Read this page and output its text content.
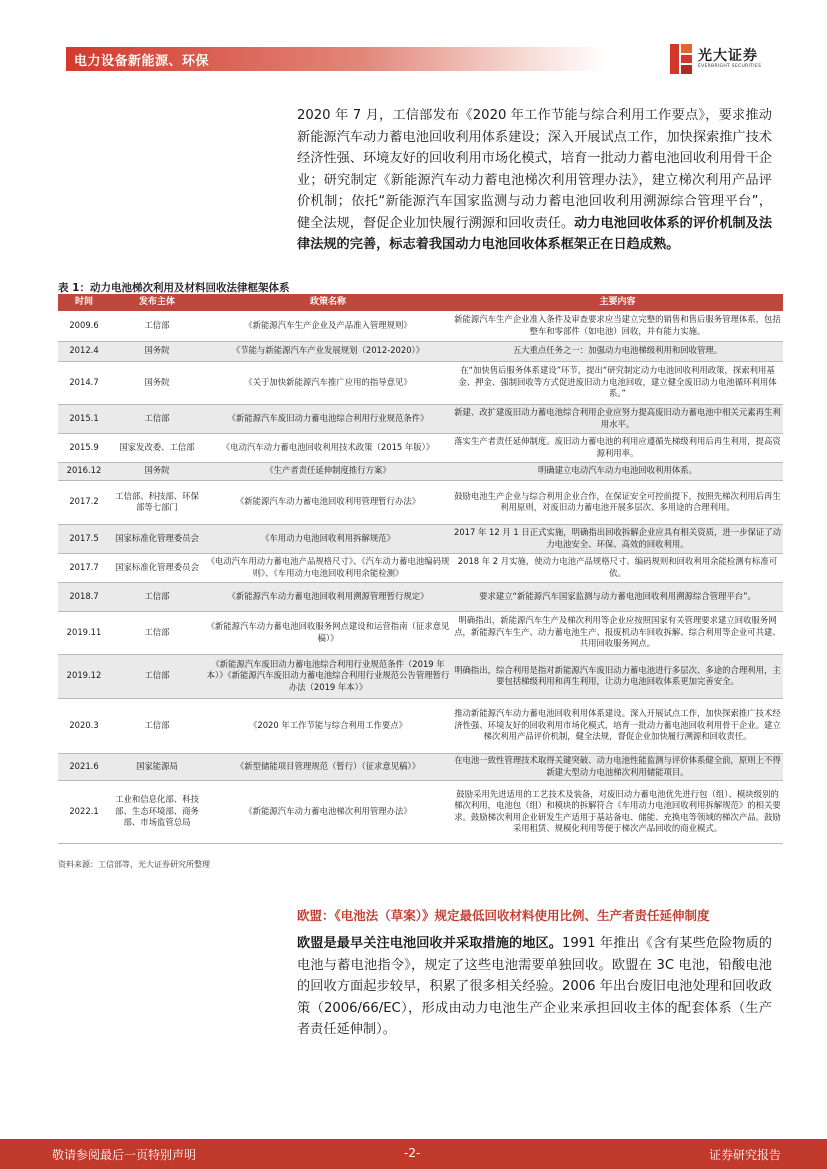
电力设备新能源、环保	光大证券
EVERBRIGHT SECURITIES
2020 年 7 月，工信部发布《2020 年工作节能与综合利用工作要点》，要求推动新能源汽车动力蓄电池回收利用体系建设；深入开展试点工作，加快探索推广技术经济性强、环境友好的回收利用市场化模式，培育一批动力蓄电池回收利用骨干企业；研究制定《新能源汽车动力蓄电池梯次利用管理办法》，建立梯次利用产品评价机制；依托“新能源汽车国家监测与动力蓄电池回收利用溯源综合管理平台”，健全法规，督促企业加快履行溯源和回收责任。动力电池回收体系的评价机制及法律法规的完善，标志着我国动力电池回收体系框架正在日趋成熟。
表 1：动力电池梯次利用及材料回收法律框架体系
时间	发布主体	政策名称	主要内容
2009.6	工信部	《新能源汽车生产企业及产品准入管理规则》	新能源汽车生产企业准入条件及审查要求应当建立完整的销售和售后服务管理体系，包括整车和零部件（如电池）回收，并有能力实施。
2012.4	国务院	《节能与新能源汽车产业发展规划（2012-2020）》	五大重点任务之一：加强动力电池梯级利用和回收管理。
2014.7	国务院	《关于加快新能源汽车推广应用的指导意见》	在“加快售后服务体系建设”环节，提出“研究制定动力电池回收利用政策，探索利用基金、押金、强制回收等方式促进废旧动力电池回收，建立健全废旧动力电池循环利用体系。”
2015.1	工信部	《新能源汽车废旧动力蓄电池综合利用行业规范条件》	新建、改扩建废旧动力蓄电池综合利用企业应努力提高废旧动力蓄电池中相关元素再生利用水平。
2015.9	国家发改委、工信部	《电动汽车动力蓄电池回收利用技术政策（2015 年版）》	落实生产者责任延伸制度。废旧动力蓄电池的利用应遵循先梯级利用后再生利用，提高资源利用率。
2016.12	国务院	《生产者责任延伸制度推行方案》	明确建立电动汽车动力电池回收利用体系。
2017.2	工信部、科技部、环保部等七部门	《新能源汽车动力蓄电池回收利用管理暂行办法》	鼓励电池生产企业与综合利用企业合作，在保证安全可控前提下，按照先梯次利用后再生利用原则，对废旧动力蓄电池开展多层次、多用途的合理利用。
2017.5	国家标准化管理委员会	《车用动力电池回收利用拆解规范》	2017 年 12 月 1 日正式实施，明确指出回收拆解企业应具有相关资质，进一步保证了动力电池安全、环保、高效的回收利用。
2017.7	国家标准化管理委员会	《电动汽车用动力蓄电池产品规格尺寸》、《汽车动力蓄电池编码规则》、《车用动力电池回收利用余能检测》	2018 年 2 月实施，使动力电池产品规格尺寸、编码规则和回收利用余能检测有标准可依。
2018.7	工信部	《新能源汽车动力蓄电池回收利用溯源管理暂行规定》	要求建立“新能源汽车国家监测与动力蓄电池回收利用溯源综合管理平台”。
2019.11	工信部	《新能源汽车动力蓄电池回收服务网点建设和运营指南（征求意见稿）》	明确指出，新能源汽车生产及梯次利用等企业应按照国家有关管理要求建立回收服务网点，新能源汽车生产、动力蓄电池生产、报废机动车回收拆解、综合利用等企业可共建、共用回收服务网点。
2019.12	工信部	《新能源汽车废旧动力蓄电池综合利用行业规范条件（2019 年本）》《新能源汽车废旧动力蓄电池综合利用行业规范公告管理暂行办法（2019 年本）》	明确指出，综合利用是指对新能源汽车废旧动力蓄电池进行多层次、多途的合理利用，主要包括梯级利用和再生利用，让动力电池回收体系更加完善安全。
2020.3	工信部	《2020 年工作节能与综合利用工作要点》	推动新能源汽车动力蓄电池回收利用体系建设。深入开展试点工作，加快探索推广技术经济性强、环境友好的回收利用市场化模式，培育一批动力蓄电池回收利用骨干企业。建立梯次利用产品评价机制，健全法规，督促企业加快履行溯源和回收责任。
2021.6	国家能源局	《新型储能项目管理规范（暂行）（征求意见稿）》	在电池一致性管理技术取得关键突破、动力电池性能监测与评价体系健全前，原则上不得新建大型动力电池梯次利用储能项目。
2022.1	工业和信息化部、科技部、生态环境部、商务部、市场监管总局	《新能源汽车动力蓄电池梯次利用管理办法》	鼓励采用先进适用的工艺技术及装备，对废旧动力蓄电池优先进行包（组）、模块级别的梯次利用，电池包（组）和模块的拆解符合《车用动力电池回收利用拆解规范》的相关要求。鼓励梯次利用企业研发生产适用于基站备电、储能、充换电等领域的梯次产品。鼓励采用租赁、规模化利用等便于梯次产品回收的商业模式。
资料来源：工信部等，光大证券研究所整理
欧盟：《电池法（草案）》规定最低回收材料使用比例、生产者责任延伸制度
欧盟是最早关注电池回收并采取措施的地区。1991 年推出《含有某些危险物质的电池与蓄电池指令》，规定了这些电池需要单独回收。欧盟在 3C 电池，铅酸电池的回收方面起步较早，积累了很多相关经验。2006 年出台废旧电池处理和回收政策（2006/66/EC），形成由动力电池生产企业来承担回收主体的配套体系（生产者责任延伸制）。
敬请参阅最后一页特别声明	-2-	证券研究报告
